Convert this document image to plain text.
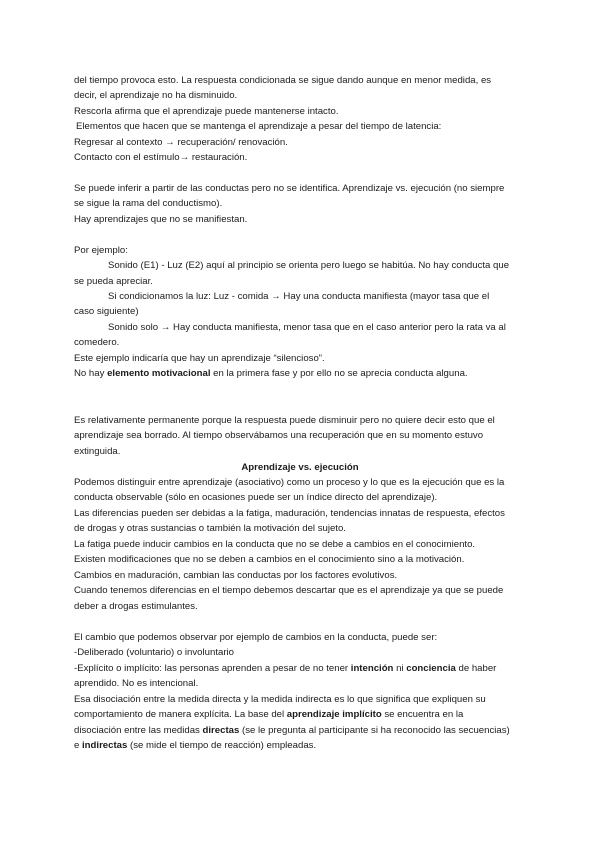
del tiempo provoca esto. La respuesta condicionada se sigue dando aunque en menor medida, es
decir, el aprendizaje no ha disminuido.
Rescorla afirma que el aprendizaje puede mantenerse intacto.
Elementos que hacen que se mantenga el aprendizaje a pesar del tiempo de latencia:
Regresar al contexto → recuperación/ renovación.
Contacto con el estímulo→ restauración.
Se puede inferir a partir de las conductas pero no se identifica. Aprendizaje vs. ejecución (no siempre
se sigue la rama del conductismo).
Hay aprendizajes que no se manifiestan.
Por ejemplo:
Sonido (E1) - Luz (E2) aquí al principio se orienta pero luego se habitúa. No hay conducta que
se pueda apreciar.
Si condicionamos la luz: Luz - comida → Hay una conducta manifiesta (mayor tasa que el
caso siguiente)
Sonido solo → Hay conducta manifiesta, menor tasa que en el caso anterior pero la rata va al
comedero.
Este ejemplo indicaría que hay un aprendizaje “silencioso”.
No hay elemento motivacional en la primera fase y por ello no se aprecia conducta alguna.
Es relativamente permanente porque la respuesta puede disminuir pero no quiere decir esto que el
aprendizaje sea borrado. Al tiempo observábamos una recuperación que en su momento estuvo
extinguida.
Aprendizaje vs. ejecución
Podemos distinguir entre aprendizaje (asociativo) como un proceso y lo que es la ejecución que es la
conducta observable (sólo en ocasiones puede ser un índice directo del aprendizaje).
Las diferencias pueden ser debidas a la fatiga, maduración, tendencias innatas de respuesta, efectos
de drogas y otras sustancias o también la motivación del sujeto.
La fatiga puede inducir cambios en la conducta que no se debe a cambios en el conocimiento.
Existen modificaciones que no se deben a cambios en el conocimiento sino a la motivación.
Cambios en maduración, cambian las conductas por los factores evolutivos.
Cuando tenemos diferencias en el tiempo debemos descartar que es el aprendizaje ya que se puede
deber a drogas estimulantes.
El cambio que podemos observar por ejemplo de cambios en la conducta, puede ser:
-Deliberado (voluntario) o involuntario
-Explícito o implícito: las personas aprenden a pesar de no tener intención ni conciencia de haber
aprendido. No es intencional.
Esa disociación entre la medida directa y la medida indirecta es lo que significa que expliquen su
comportamiento de manera explícita. La base del aprendizaje implícito se encuentra en la
disociación entre las medidas directas (se le pregunta al participante si ha reconocido las secuencias)
e indirectas (se mide el tiempo de reacción) empleadas.
